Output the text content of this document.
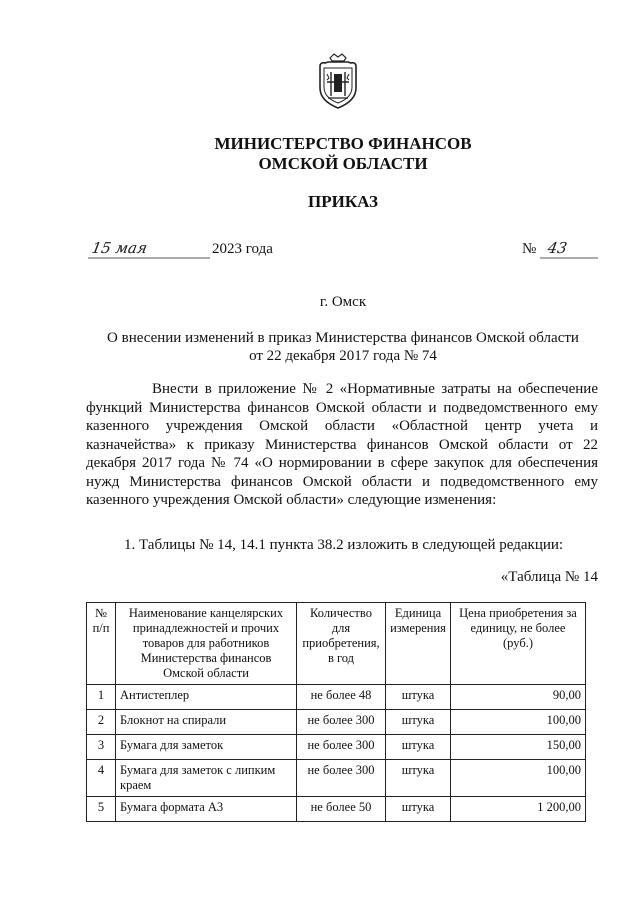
МИНИСТЕРСТВО ФИНАНСОВ
ОМСКОЙ ОБЛАСТИ
ПРИКАЗ
15 мая	2023 года	№ 43
г. Омск
О внесении изменений в приказ Министерства финансов Омской области
от 22 декабря 2017 года № 74
Внести в приложение № 2 «Нормативные затраты на обеспечение функций Министерства финансов Омской области и подведомственного ему казенного учреждения Омской области «Областной центр учета и казначейства» к приказу Министерства финансов Омской области от 22 декабря 2017 года № 74 «О нормировании в сфере закупок для обеспечения нужд Министерства финансов Омской области и подведомственного ему казенного учреждения Омской области» следующие изменения:
1. Таблицы № 14, 14.1 пункта 38.2 изложить в следующей редакции:
«Таблица № 14
№ п/п	Наименование канцелярских принадлежностей и прочих товаров для работников Министерства финансов Омской области	Количество для приобретения, в год	Единица измерения	Цена приобретения за единицу, не более (руб.)
1	Антистеплер	не более 48	штука	90,00
2	Блокнот на спирали	не более 300	штука	100,00
3	Бумага для заметок	не более 300	штука	150,00
4	Бумага для заметок с липким краем	не более 300	штука	100,00
5	Бумага формата А3	не более 50	штука	1 200,00
